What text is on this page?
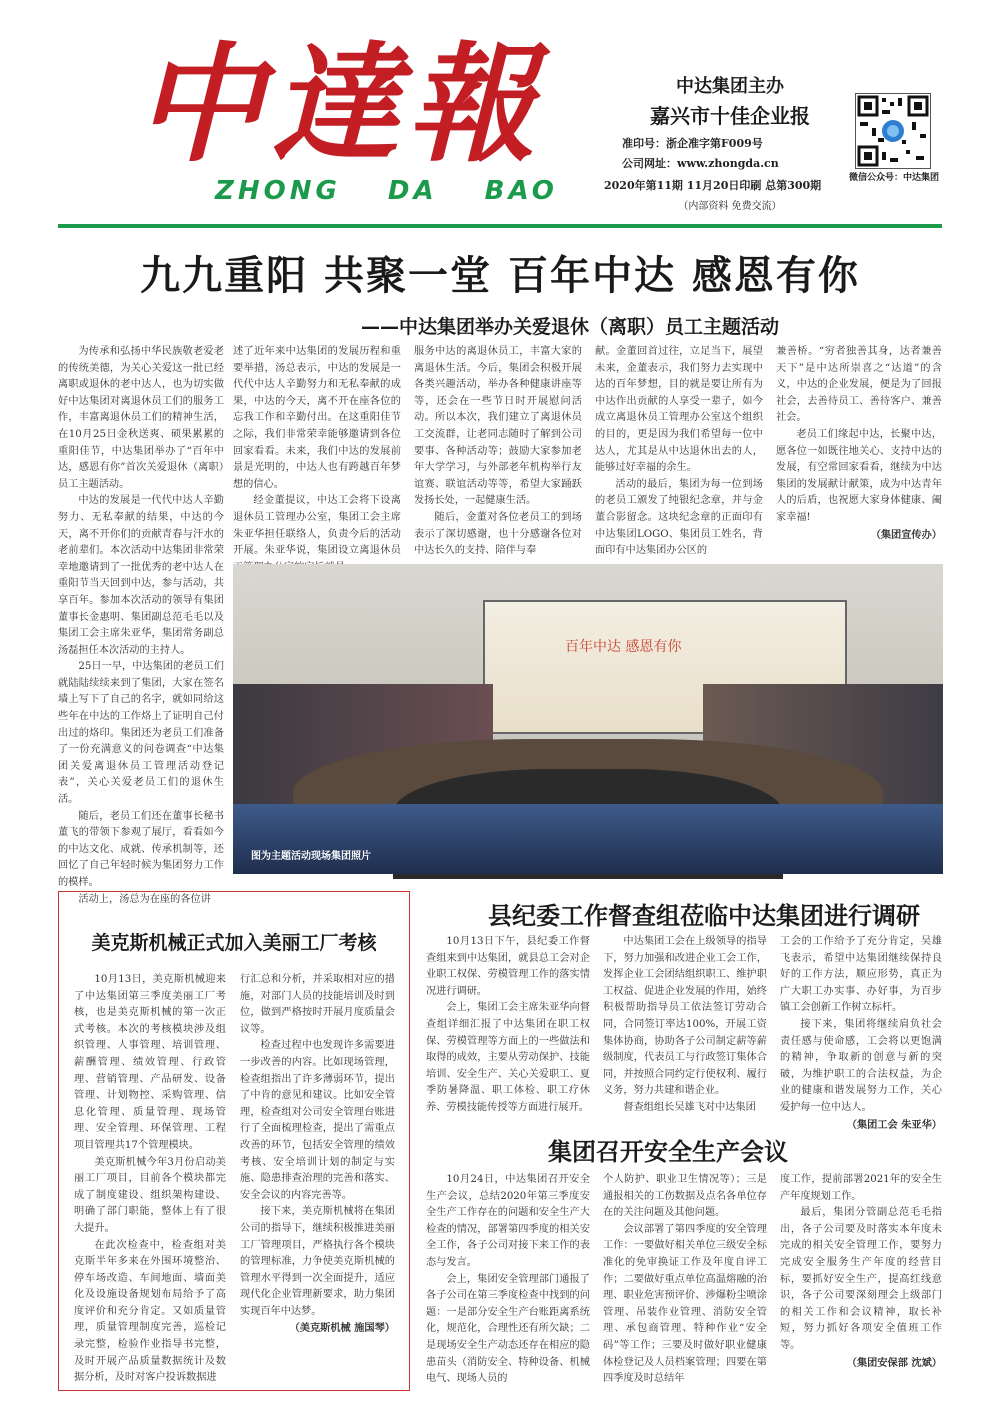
中達報
ZHONG DA BAO
中达集团主办
嘉兴市十佳企业报
准印号：浙企准字第F009号
公司网址：www.zhongda.cn
2020年第11期 11月20日印刷 总第300期
（内部资料 免费交流）
微信公众号：中达集团
九九重阳 共聚一堂 百年中达 感恩有你
——中达集团举办关爱退休（离职）员工主题活动

为传承和弘扬中华民族敬老爱老的传统美德，为关心关爱这一批已经离职或退休的老中达人，也为切实做好中达集团对离退休员工们的服务工作，丰富离退休员工们的精神生活，在10月25日金秋送爽、硕果累累的重阳佳节，中达集团举办了“百年中达，感恩有你”首次关爱退休（离职）员工主题活动。

中达的发展是一代代中达人辛勤努力、无私奉献的结果，中达的今天，离不开你们的贡献青春与汗水的老前辈们。本次活动中达集团非常荣幸地邀请到了一批优秀的老中达人在重阳节当天回到中达，参与活动，共享百年。参加本次活动的领导有集团董事长金惠明、集团副总范毛毛以及集团工会主席朱亚华，集团常务副总汤磊担任本次活动的主持人。

25日一早，中达集团的老员工们就陆陆续续来到了集团，大家在签名墙上写下了自己的名字，就如同给这些年在中达的工作烙上了证明自己付出过的烙印。集团还为老员工们准备了一份充满意义的问卷调查“中达集团关爱离退休员工管理活动登记表”，关心关爱老员工们的退休生活。

随后，老员工们还在董事长秘书董飞的带领下参观了展厅，看看如今的中达文化、成就、传承机制等，还回忆了自己年轻时候为集团努力工作的模样。

活动上，汤总为在座的各位讲

述了近年来中达集团的发展历程和重要举措，汤总表示，中达的发展是一代代中达人辛勤努力和无私奉献的成果，中达的今天，离不开在座各位的忘我工作和辛勤付出。在这重阳佳节之际，我们非常荣幸能够邀请到各位回家看看。未来，我们中达的发展前景是光明的，中达人也有跨越百年梦想的信心。

经金董提议，中达工会将下设离退休员工管理办公室，集团工会主席朱亚华担任联络人，负责今后的活动开展。朱亚华说，集团设立离退休员

服务中达的离退休员工，丰富大家的离退休生活。今后，集团会积极开展各类兴趣活动，举办各种健康讲座等等，还会在一些节日时开展慰问活动。所以本次，我们建立了离退休员工交流群，让老同志随时了解到公司要事、各种活动等；鼓励大家参加老年大学学习，与外部老年机构举行友谊赛、联谊活动等等，希望大家踊跃发扬长处，一起健康生活。

随后，金董对各位老员工的到场表示了深切感谢，也十分感谢各位对中达长久的支持、陪伴与奉

献。金董回首过往，立足当下，展望未来，金董表示，我们努力去实现中达的百年梦想，目的就是要让所有为中达作出贡献的人享受一辈子，如今成立离退休员工管理办公室这个组织的目的，更是因为我们希望每一位中达人，尤其是从中达退休出去的人，能够过好幸福的余生。

活动的最后，集团为每一位到场的老员工颁发了纯银纪念章，并与金董合影留念。这块纪念章的正面印有中达集团LOGO、集团员工姓名，背面印有中达集团办公区的

兼善桥。“穷者独善其身，达者兼善天下”是中达所崇喜之“达道”的含义，中达的企业发展，便是为了回报社会，去善待员工、善待客户、兼善社会。

老员工们缘起中达，长聚中达，愿各位一如既往地关心、支持中达的发展，有空常回家看看，继续为中达集团的发展献计献策，成为中达青年人的后盾，也祝愿大家身体健康、阖家幸福!

（集团宣传办）
百年中达 感恩有你
图为主题活动现场集团照片
美克斯机械正式加入美丽工厂考核

10月13日，美克斯机械迎来了中达集团第三季度美丽工厂考核，也是美克斯机械的第一次正式考核。本次的考核模块涉及组织管理、人事管理、培训管理、薪酬管理、绩效管理、行政管理、营销管理、产品研发、设备管理、计划物控、采购管理、信息化管理、质量管理、现场管理、安全管理、环保管理、工程项目管理共17个管理模块。

美克斯机械今年3月份启动美丽工厂项目，目前各个模块都完成了制度建设、组织架构建设、明确了部门职能，整体上有了很大提升。

在此次检查中，检查组对美克斯半年多来在外围环境整治、停车场改造、车间地面、墙面美化及设施设备规划布局给予了高度评价和充分肯定。又如质量管理，质量管理制度完善，巡检记录完整，检验作业指导书完整，及时开展产品质量数据统计及数据分析，及时对客户投诉数据进

行汇总和分析，并采取相对应的措施，对部门人员的技能培训及时到位，做到严格按时开展月度质量会议等。

检查过程中也发现许多需要进一步改善的内容。比如现场管理，检查组指出了许多薄弱环节，提出了中肯的意见和建议。比如安全管理，检查组对公司安全管理台账进行了全面梳理检查，提出了需重点改善的环节，包括安全管理的绩效考核、安全培训计划的制定与实施、隐患排查治理的完善和落实、安全会议的内容完善等。

接下来，美克斯机械将在集团公司的指导下，继续积极推进美丽工厂管理项目，严格执行各个模块的管理标准，力争使美克斯机械的管理水平得到一次全面提升，适应现代化企业管理新要求，助力集团实现百年中达梦。

（美克斯机械 施国琴）
县纪委工作督查组莅临中达集团进行调研

10月13日下午，县纪委工作督查组来到中达集团，就县总工会对企业职工权保、劳模管理工作的落实情况进行调研。

会上，集团工会主席朱亚华向督查组详细汇报了中达集团在职工权保、劳模管理等方面上的一些做法和取得的成效，主要从劳动保护、技能培训、安全生产、关心关爱职工、夏季防暑降温、职工体检、职工疗休养、劳模技能传授等方面进行展开。

中达集团工会在上级领导的指导下，努力加强和改进企业工会工作，发挥企业工会团结组织职工、维护职工权益、促进企业发展的作用，始终积极帮助指导员工依法签订劳动合同，合同签订率达100%，开展工资集体协商，协助各子公司制定薪等薪级制度，代表员工与行政签订集体合同，并按照合同约定行使权利、履行义务，努力共建和谐企业。

督查组组长吴雄飞对中达集团

工会的工作给予了充分肯定，吴雄飞表示，希望中达集团继续保持良好的工作方法，顺应形势，真正为广大职工办实事、办好事，为百步镇工会创新工作树立标杆。

接下来，集团将继续肩负社会责任感与使命感，工会将以更饱满的精神，争取新的创意与新的突破，为维护职工的合法权益，为企业的健康和谐发展努力工作，关心爱护每一位中达人。

（集团工会 朱亚华）
集团召开安全生产会议

10月24日，中达集团召开安全生产会议，总结2020年第三季度安全生产工作存在的问题和安全生产大检查的情况，部署第四季度的相关安全工作，各子公司对接下来工作的表态与发言。

会上，集团安全管理部门通报了各子公司在第三季度检查中找到的问题：一是部分安全生产台账距离系统化，规范化，合理性还有所欠缺；二是现场安全生产动态还存在相应的隐患苗头（消防安全、特种设备、机械电气、现场人员的

个人防护、职业卫生情况等）；三是通报相关的工伤数据及点名各单位存在的关注问题及其他问题。

会议部署了第四季度的安全管理工作：一要做好相关单位三级安全标准化的免审换证工作及年度自评工作；二要做好重点单位高温熔融的治理、职业危害预评价、涉爆粉尘喷涂管理、吊装作业管理、消防安全管理、承包商管理、特种作业“安全码”等工作；三要及时做好职业健康体检登记及人员档案管理；四要在第四季度及时总结年

度工作，提前部署2021年的安全生产年度规划工作。

最后，集团分管副总范毛毛指出，各子公司要及时落实本年度未完成的相关安全管理工作，要努力完成安全服务生产年度的经营目标，要抓好安全生产，提高红线意识，各子公司要深刻理会上级部门的相关工作和会议精神，取长补短，努力抓好各项安全值班工作等。

（集团安保部 沈斌）
